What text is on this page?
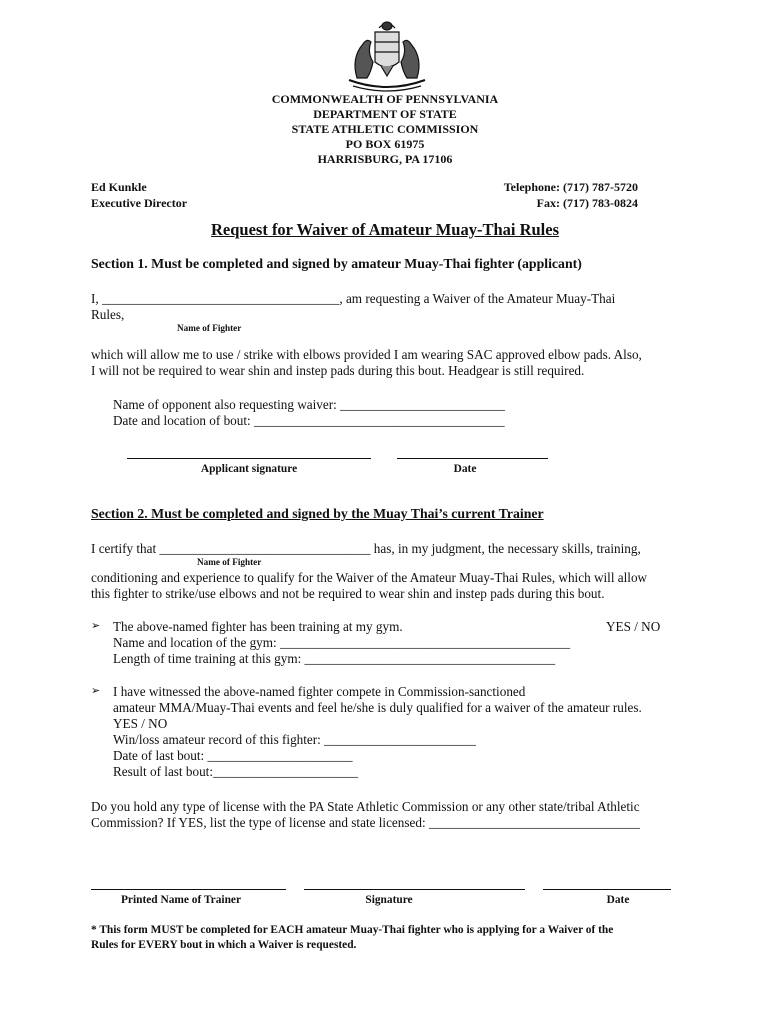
COMMONWEALTH OF PENNSYLVANIA
DEPARTMENT OF STATE
STATE ATHLETIC COMMISSION
PO BOX 61975
HARRISBURG, PA 17106
Ed Kunkle
Executive Director
Telephone: (717) 787-5720
Fax: (717) 783-0824
Request for Waiver of Amateur Muay-Thai Rules
Section 1. Must be completed and signed by amateur Muay-Thai fighter (applicant)
I, ____________________________________, am requesting a Waiver of the Amateur Muay-Thai
Rules,
Name of Fighter
which will allow me to use / strike with elbows provided I am wearing SAC approved elbow pads. Also,
I will not be required to wear shin and instep pads during this bout. Headgear is still required.
Name of opponent also requesting waiver: _________________________
Date and location of bout: ______________________________________
Applicant signature	Date
Section 2. Must be completed and signed by the Muay Thai’s current Trainer
I certify that ________________________________ has, in my judgment, the necessary skills, training,
Name of Fighter
conditioning and experience to qualify for the Waiver of the Amateur Muay-Thai Rules, which will allow
this fighter to strike/use elbows and not be required to wear shin and instep pads during this bout.
➢ The above-named fighter has been training at my gym.	YES / NO
Name and location of the gym: ____________________________________________
Length of time training at this gym: ______________________________________
➢ I have witnessed the above-named fighter compete in Commission-sanctioned
amateur MMA/Muay-Thai events and feel he/she is duly qualified for a waiver of the amateur rules.
YES / NO
Win/loss amateur record of this fighter: _______________________
Date of last bout: ______________________
Result of last bout:______________________
Do you hold any type of license with the PA State Athletic Commission or any other state/tribal Athletic
Commission? If YES, list the type of license and state licensed: ________________________________
Printed Name of Trainer	Signature	Date
* This form MUST be completed for EACH amateur Muay-Thai fighter who is applying for a Waiver of the
Rules for EVERY bout in which a Waiver is requested.
